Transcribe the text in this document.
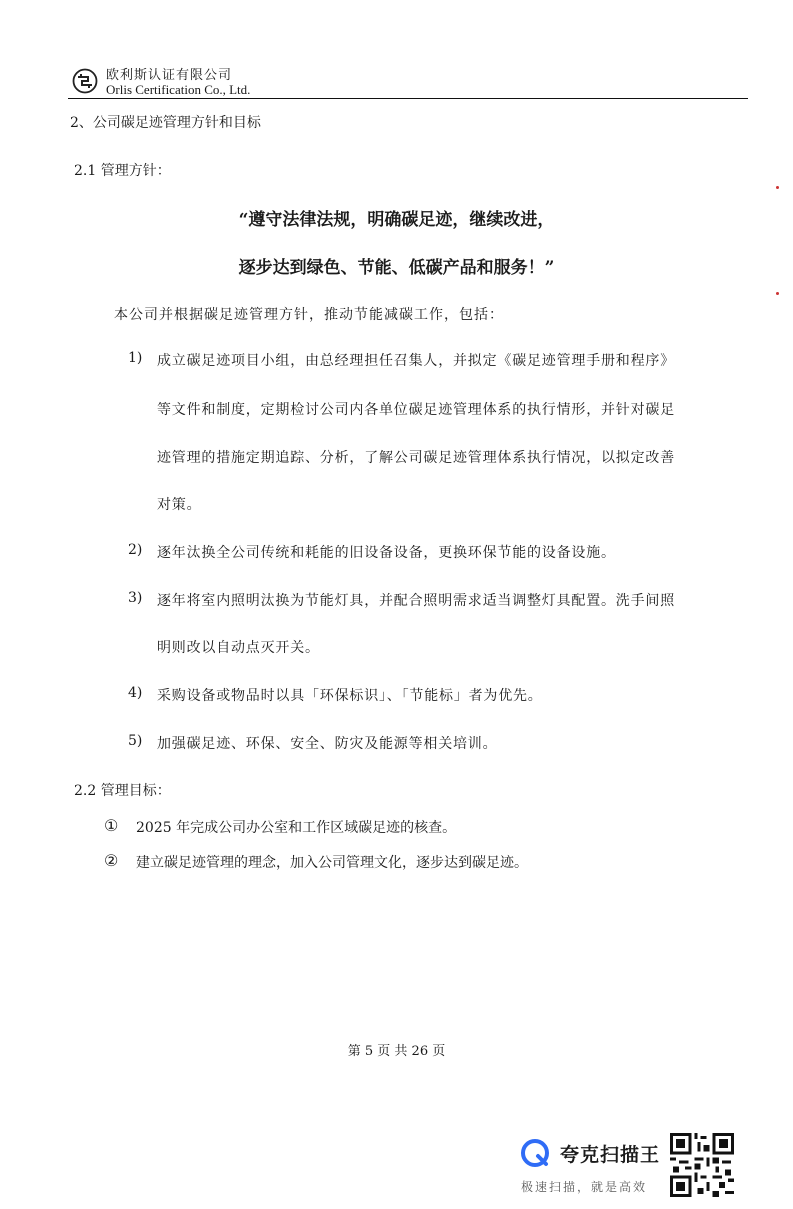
欧利斯认证有限公司
Orlis Certification Co., Ltd.
2、公司碳足迹管理方针和目标
2.1 管理方针：
“遵守法律法规，明确碳足迹，继续改进，
逐步达到绿色、节能、低碳产品和服务！”
本公司并根据碳足迹管理方针，推动节能减碳工作，包括：
1) 成立碳足迹项目小组，由总经理担任召集人，并拟定《碳足迹管理手册和程序》
等文件和制度，定期检讨公司内各单位碳足迹管理体系的执行情形，并针对碳足
迹管理的措施定期追踪、分析，了解公司碳足迹管理体系执行情况，以拟定改善
对策。
2) 逐年汰换全公司传统和耗能的旧设备设备，更换环保节能的设备设施。
3) 逐年将室内照明汰换为节能灯具，并配合照明需求适当调整灯具配置。洗手间照
明则改以自动点灭开关。
4) 采购设备或物品时以具「环保标识」、「节能标」者为优先。
5) 加强碳足迹、环保、安全、防灾及能源等相关培训。
2.2 管理目标：
① 2025 年完成公司办公室和工作区域碳足迹的核查。
② 建立碳足迹管理的理念，加入公司管理文化，逐步达到碳足迹。
第 5 页 共 26 页
夸克扫描王
极速扫描，就是高效
